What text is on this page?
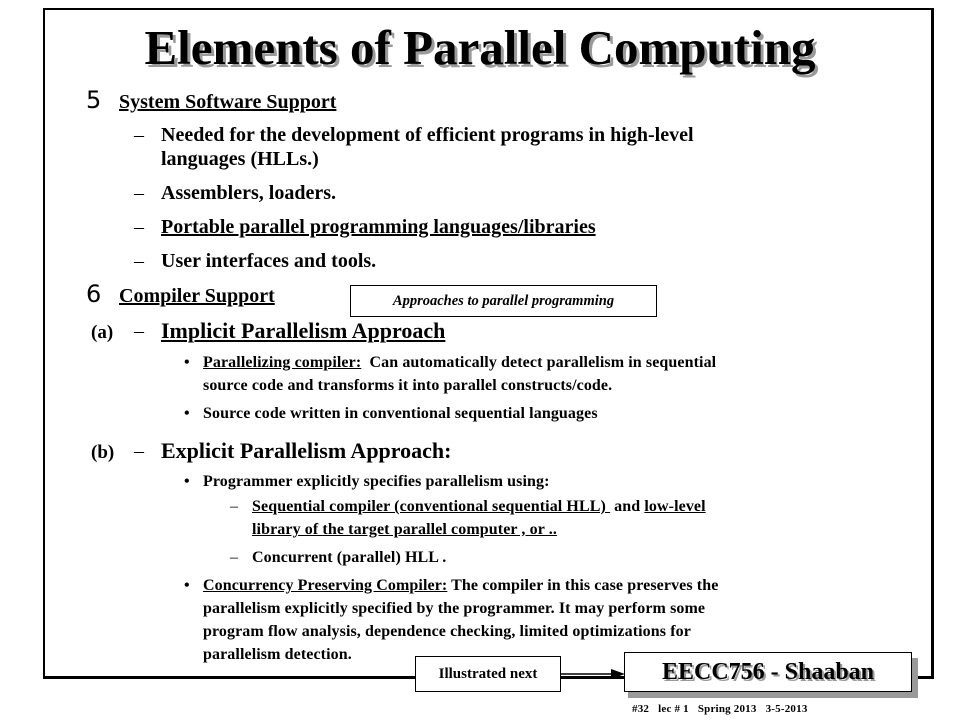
Elements of Parallel Computing
5 System Software Support
– Needed for the development of efficient programs in high-level
languages (HLLs.)
– Assemblers, loaders.
– Portable parallel programming languages/libraries
– User interfaces and tools.
6 Compiler Support	Approaches to parallel programming
(a) – Implicit Parallelism Approach
• Parallelizing compiler:  Can automatically detect parallelism in sequential
source code and transforms it into parallel constructs/code.
• Source code written in conventional sequential languages
(b) – Explicit Parallelism Approach:
• Programmer explicitly specifies parallelism using:
– Sequential compiler (conventional sequential HLL)  and low-level
library of the target parallel computer , or ..
– Concurrent (parallel) HLL .
• Concurrency Preserving Compiler: The compiler in this case preserves the
parallelism explicitly specified by the programmer. It may perform some
program flow analysis, dependence checking, limited optimizations for
parallelism detection.
Illustrated next	EECC756 - Shaaban
#32 lec # 1 Spring 2013 3-5-2013
